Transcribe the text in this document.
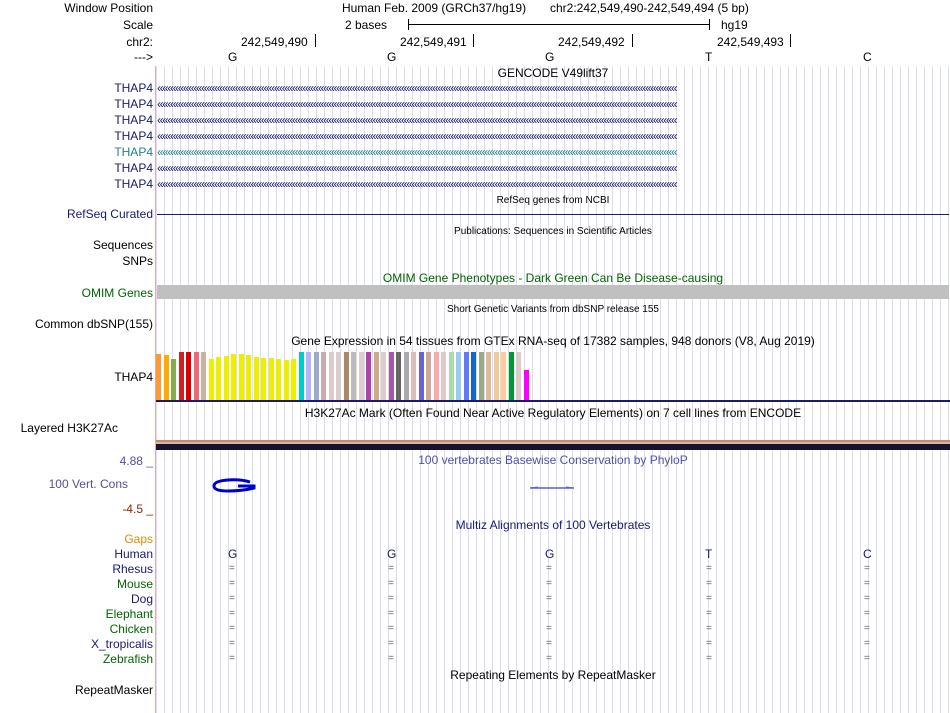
Window Position	Human Feb. 2009 (GRCh37/hg19) chr2:242,549,490-242,549,494 (5 bp)
Scale	2 bases	hg19
chr2:	242,549,490	242,549,491	242,549,492	242,549,493
--->	G	G	G	T	C
GENCODE V49lift37
THAP4 ‹‹‹‹‹‹‹‹‹‹‹‹‹‹‹‹‹‹‹‹‹‹‹‹‹‹‹‹‹‹‹‹‹‹‹‹‹‹‹‹‹‹‹‹‹‹‹‹‹‹‹‹‹‹‹‹‹‹‹‹‹‹‹‹‹‹‹‹‹‹‹‹‹‹‹‹‹‹‹‹‹‹‹‹‹‹‹‹‹‹‹‹‹‹‹‹‹‹‹‹‹‹‹‹‹‹‹‹‹‹‹‹‹‹‹‹‹‹‹‹‹‹‹‹‹‹‹‹‹‹‹‹‹‹‹‹‹‹‹‹‹‹‹‹‹‹‹‹‹‹‹‹‹‹‹‹‹‹‹‹‹‹‹‹‹‹‹‹‹‹‹‹‹‹‹‹‹‹‹‹‹‹‹‹‹‹‹‹‹‹‹‹‹‹‹‹‹‹‹‹
THAP4 ‹‹‹‹‹‹‹‹‹‹‹‹‹‹‹‹‹‹‹‹‹‹‹‹‹‹‹‹‹‹‹‹‹‹‹‹‹‹‹‹‹‹‹‹‹‹‹‹‹‹‹‹‹‹‹‹‹‹‹‹‹‹‹‹‹‹‹‹‹‹‹‹‹‹‹‹‹‹‹‹‹‹‹‹‹‹‹‹‹‹‹‹‹‹‹‹‹‹‹‹‹‹‹‹‹‹‹‹‹‹‹‹‹‹‹‹‹‹‹‹‹‹‹‹‹‹‹‹‹‹‹‹‹‹‹‹‹‹‹‹‹‹‹‹‹‹‹‹‹‹‹‹‹‹‹‹‹‹‹‹‹‹‹‹‹‹‹‹‹‹‹‹‹‹‹‹‹‹‹‹‹‹‹‹‹‹‹‹‹‹‹‹‹‹‹‹‹‹‹‹
THAP4 ‹‹‹‹‹‹‹‹‹‹‹‹‹‹‹‹‹‹‹‹‹‹‹‹‹‹‹‹‹‹‹‹‹‹‹‹‹‹‹‹‹‹‹‹‹‹‹‹‹‹‹‹‹‹‹‹‹‹‹‹‹‹‹‹‹‹‹‹‹‹‹‹‹‹‹‹‹‹‹‹‹‹‹‹‹‹‹‹‹‹‹‹‹‹‹‹‹‹‹‹‹‹‹‹‹‹‹‹‹‹‹‹‹‹‹‹‹‹‹‹‹‹‹‹‹‹‹‹‹‹‹‹‹‹‹‹‹‹‹‹‹‹‹‹‹‹‹‹‹‹‹‹‹‹‹‹‹‹‹‹‹‹‹‹‹‹‹‹‹‹‹‹‹‹‹‹‹‹‹‹‹‹‹‹‹‹‹‹‹‹‹‹‹‹‹‹‹‹‹‹
THAP4 ‹‹‹‹‹‹‹‹‹‹‹‹‹‹‹‹‹‹‹‹‹‹‹‹‹‹‹‹‹‹‹‹‹‹‹‹‹‹‹‹‹‹‹‹‹‹‹‹‹‹‹‹‹‹‹‹‹‹‹‹‹‹‹‹‹‹‹‹‹‹‹‹‹‹‹‹‹‹‹‹‹‹‹‹‹‹‹‹‹‹‹‹‹‹‹‹‹‹‹‹‹‹‹‹‹‹‹‹‹‹‹‹‹‹‹‹‹‹‹‹‹‹‹‹‹‹‹‹‹‹‹‹‹‹‹‹‹‹‹‹‹‹‹‹‹‹‹‹‹‹‹‹‹‹‹‹‹‹‹‹‹‹‹‹‹‹‹‹‹‹‹‹‹‹‹‹‹‹‹‹‹‹‹‹‹‹‹‹‹‹‹‹‹‹‹‹‹‹‹‹
THAP4 ‹‹‹‹‹‹‹‹‹‹‹‹‹‹‹‹‹‹‹‹‹‹‹‹‹‹‹‹‹‹‹‹‹‹‹‹‹‹‹‹‹‹‹‹‹‹‹‹‹‹‹‹‹‹‹‹‹‹‹‹‹‹‹‹‹‹‹‹‹‹‹‹‹‹‹‹‹‹‹‹‹‹‹‹‹‹‹‹‹‹‹‹‹‹‹‹‹‹‹‹‹‹‹‹‹‹‹‹‹‹‹‹‹‹‹‹‹‹‹‹‹‹‹‹‹‹‹‹‹‹‹‹‹‹‹‹‹‹‹‹‹‹‹‹‹‹‹‹‹‹‹‹‹‹‹‹‹‹‹‹‹‹‹‹‹‹‹‹‹‹‹‹‹‹‹‹‹‹‹‹‹‹‹‹‹‹‹‹‹‹‹‹‹‹‹‹‹‹‹‹
THAP4 ‹‹‹‹‹‹‹‹‹‹‹‹‹‹‹‹‹‹‹‹‹‹‹‹‹‹‹‹‹‹‹‹‹‹‹‹‹‹‹‹‹‹‹‹‹‹‹‹‹‹‹‹‹‹‹‹‹‹‹‹‹‹‹‹‹‹‹‹‹‹‹‹‹‹‹‹‹‹‹‹‹‹‹‹‹‹‹‹‹‹‹‹‹‹‹‹‹‹‹‹‹‹‹‹‹‹‹‹‹‹‹‹‹‹‹‹‹‹‹‹‹‹‹‹‹‹‹‹‹‹‹‹‹‹‹‹‹‹‹‹‹‹‹‹‹‹‹‹‹‹‹‹‹‹‹‹‹‹‹‹‹‹‹‹‹‹‹‹‹‹‹‹‹‹‹‹‹‹‹‹‹‹‹‹‹‹‹‹‹‹‹‹‹‹‹‹‹‹‹‹
THAP4 ‹‹‹‹‹‹‹‹‹‹‹‹‹‹‹‹‹‹‹‹‹‹‹‹‹‹‹‹‹‹‹‹‹‹‹‹‹‹‹‹‹‹‹‹‹‹‹‹‹‹‹‹‹‹‹‹‹‹‹‹‹‹‹‹‹‹‹‹‹‹‹‹‹‹‹‹‹‹‹‹‹‹‹‹‹‹‹‹‹‹‹‹‹‹‹‹‹‹‹‹‹‹‹‹‹‹‹‹‹‹‹‹‹‹‹‹‹‹‹‹‹‹‹‹‹‹‹‹‹‹‹‹‹‹‹‹‹‹‹‹‹‹‹‹‹‹‹‹‹‹‹‹‹‹‹‹‹‹‹‹‹‹‹‹‹‹‹‹‹‹‹‹‹‹‹‹‹‹‹‹‹‹‹‹‹‹‹‹‹‹‹‹‹‹‹‹‹‹‹‹
RefSeq genes from NCBI
RefSeq Curated
Publications: Sequences in Scientific Articles
Sequences
SNPs
OMIM Gene Phenotypes - Dark Green Can Be Disease-causing
OMIM Genes
Short Genetic Variants from dbSNP release 155
Common dbSNP(155)
Gene Expression in 54 tissues from GTEx RNA-seq of 17382 samples, 948 donors (V8, Aug 2019)
THAP4
H3K27Ac Mark (Often Found Near Active Regulatory Elements) on 7 cell lines from ENCODE
Layered H3K27Ac
4.88 _	100 vertebrates Basewise Conservation by PhyloP
100 Vert. Cons
-4.5 _
Multiz Alignments of 100 Vertebrates
Gaps
Human	G	G	G	T	C
Rhesus	=	=	=	=	=
Mouse	=	=	=	=	=
Dog	=	=	=	=	=
Elephant	=	=	=	=	=
Chicken	=	=	=	=	=
X_tropicalis	=	=	=	=	=
Zebrafish	=	=	=	=	=
Repeating Elements by RepeatMasker
RepeatMasker
